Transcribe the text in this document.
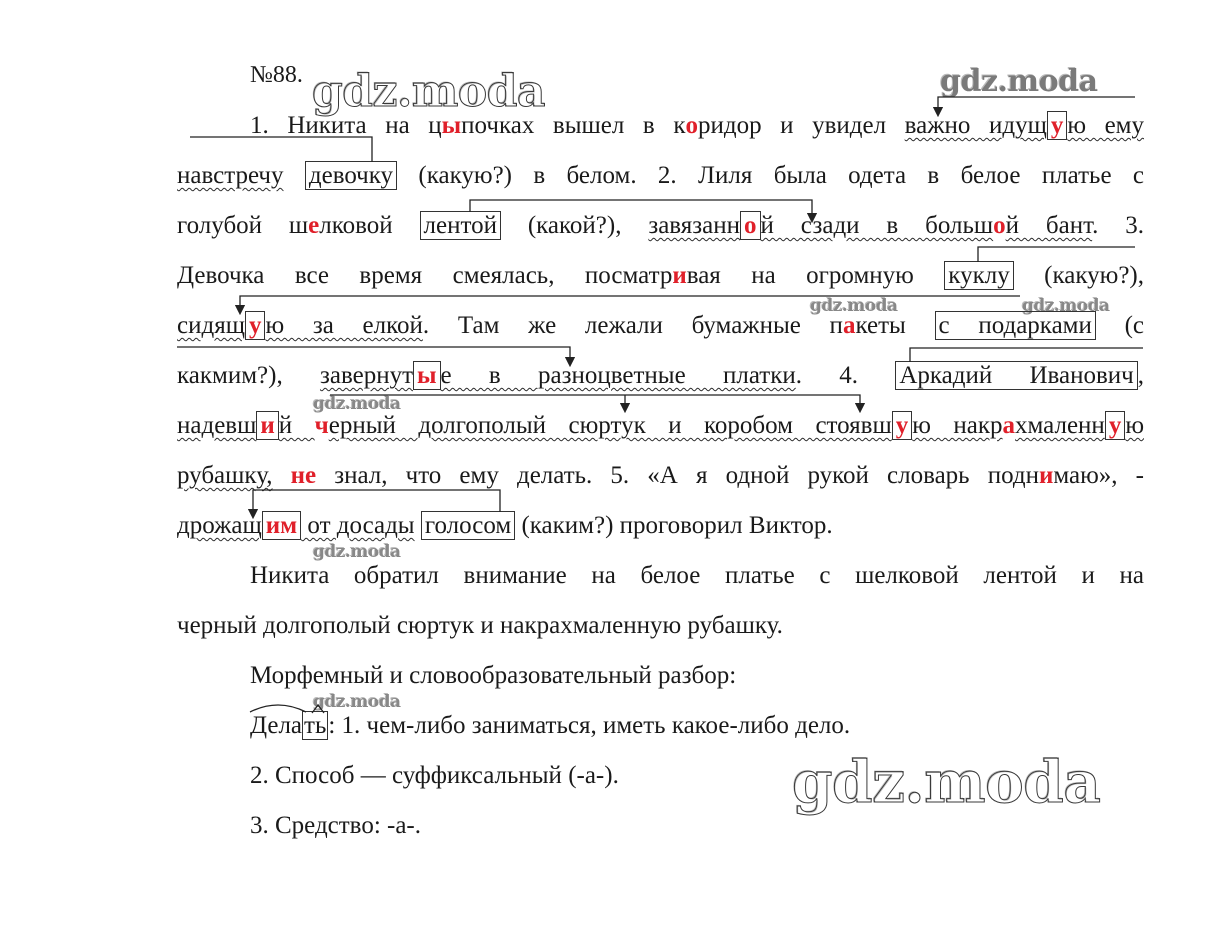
№88. gdz.moda	gdz.moda
gdz.moda	gdz.moda
gdz.moda
gdz.moda
gdz.moda
gdz.moda
1. Никита на цыпочках вышел в коридор и увидел важно идущ у ю ему
навстречу девочку (какую?) в белом. 2. Лиля была одета в белое платье с
голубой шелковой лентой (какой?), завязанн о й сзади в большой бант. 3.
Девочка все время смеялась, посматривая на огромную куклу (какую?),
сидящ у ю за елкой. Там же лежали бумажные пакеты с подарками (с
какмим?), завернут ы е в разноцветные платки. 4. Аркадий Иванович ,
надевш и й черный долгополый сюртук и коробом стоявш у ю накрахмаленн у ю
рубашку, не знал, что ему делать. 5. «А я одной рукой словарь поднимаю», -
дрожащ им от досады голосом (каким?) проговорил Виктор.
Никита обратил внимание на белое платье с шелковой лентой и на
черный долгополый сюртук и накрахмаленную рубашку.
Морфемный и словообразовательный разбор:
Делать: 1. чем-либо заниматься, иметь какое-либо дело.
2. Способ — суффиксальный (-а-).
3. Средство: -а-.
